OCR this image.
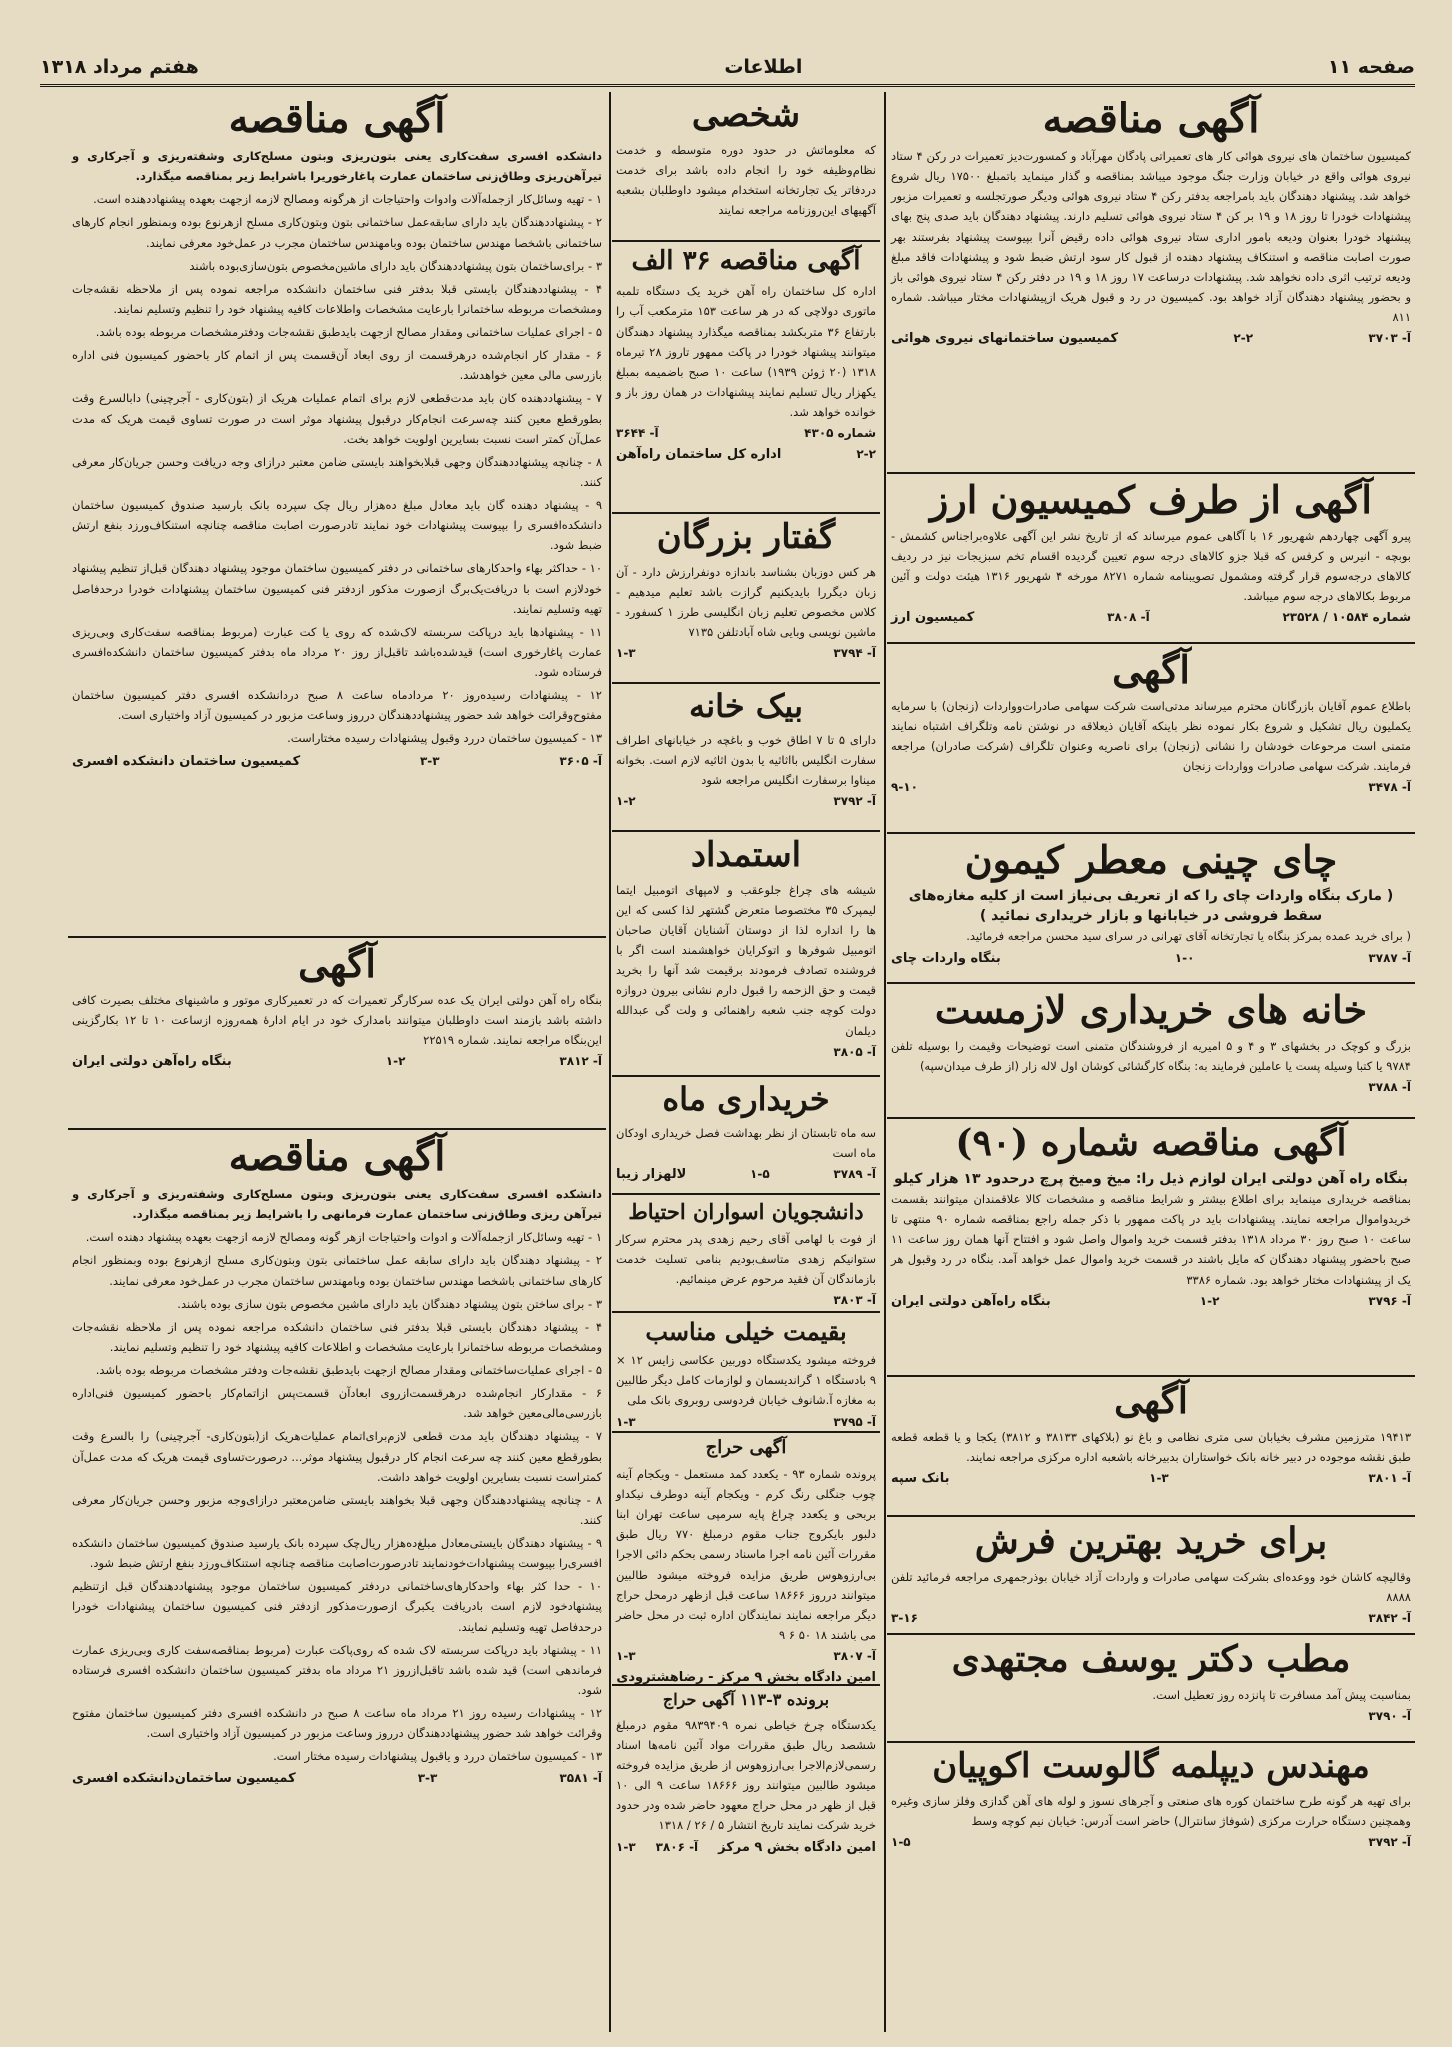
صفحه ۱۱
اطلاعات
هفتم مرداد ۱۳۱۸
آگهی مناقصه
کمیسیون ساختمان های نیروی هوائی کار های تعمیراتی پادگان مهرآباد و کمسورت‌دیز تعمیرات در رکن ۴ ستاد نیروی هوائی واقع در خیابان وزارت جنگ موجود میباشد بمناقصه و گذار مینماید باتمبلغ ۱۷۵۰۰ ریال شروع خواهد شد. پیشنهاد دهندگان باید بامراجعه بدفتر رکن ۴ ستاد نیروی هوائی ودیگر صورتجلسه و تعمیرات مزبور پیشنهادات خودرا تا روز ۱۸ و ۱۹ بر کن ۴ ستاد نیروی هوائی تسلیم دارند. پیشنهاد دهندگان باید صدی پنج بهای پیشنهاد خودرا بعنوان ودیعه بامور اداری ستاد نیروی هوائی داده رقیض آنرا بپیوست پیشنهاد بفرستند بهر صورت اصابت مناقصه و استنکاف پیشنهاد دهنده از قبول کار سود ارتش ضبط شود و پیشنهادات فاقد مبلغ ودیعه ترتیب اثری داده نخواهد شد. پیشنهادات درساعت ۱۷ روز ۱۸ و ۱۹ در دفتر رکن ۴ ستاد نیروی هوائی باز و بحضور پیشنهاد دهندگان آزاد خواهد بود. کمیسیون در رد و قبول هریک ازپیشنهادات مختار میباشد. شماره ۸۱۱
آ- ۳۷۰۳
۲-۲
کمیسیون ساختمانهای نیروی هوائی
آگهی از طرف کمیسیون ارز
پیرو آگهی چهاردهم شهریور ۱۶ با آگاهی عموم میرساند که از تاریخ نشر این آگهی علاوه‌براجناس کشمش - بوبچه - انیرس و کرفس که قبلا جزو کالاهای درجه سوم تعیین گردیده اقسام تخم سبزیجات نیز در ردیف کالاهای درجه‌سوم قرار گرفته ومشمول تصویبنامه شماره ۸۲۷۱ مورخه ۴ شهریور ۱۳۱۶ هیئت دولت و آئین مربوط بکالاهای درجه سوم میباشد.
شماره ۱۰۵۸۴ / ۲۳۵۲۸
آ- ۳۸۰۸
کمیسیون ارز
آگهی
باطلاع عموم آقایان بازرگانان محترم میرساند مدتی‌است شرکت سهامی صادرات‌وواردات (زنجان) با سرمایه یکملیون ریال تشکیل و شروع بکار نموده نظر باینکه آقایان ذیعلاقه در نوشتن نامه وتلگراف اشتباه نمایند متمنی است مرحوعات خودشان را نشانی (زنجان) برای ناصریه وعنوان تلگراف (شرکت صادران) مراجعه فرمایند. شرکت سهامی صادرات وواردات زنجان
آ- ۳۴۷۸
۹-۱۰
چای چینی معطر کیمون
( مارک بنگاه واردات چای را که از تعریف بی‌نیاز است از کلیه مغازه‌های سقط فروشی در خیابانها و بازار خریداری نمائید )
( برای خرید عمده بمرکز بنگاه یا تجارتخانه آقای تهرانی در سرای سید محسن مراجعه فرمائید.
آ- ۳۷۸۷
۱-۰
بنگاه واردات چای
خانه های خریداری لازمست
بزرگ و کوچک در بخشهای ۳ و ۴ و ۵ امیریه از فروشندگان متمنی است توضیحات وقیمت را بوسیله تلفن ۹۷۸۴ یا کتبا وسیله پست یا عاملین فرمایند به: بنگاه کارگشائی کوشان اول لاله زار (از طرف میدان‌سپه)
آ- ۳۷۸۸
آگهی مناقصه شماره (۹۰)
بنگاه راه آهن دولتی ایران لوازم ذیل را: میخ ومیخ پرچ درحدود ۱۳ هزار کیلو
بمناقصه خریداری مینماید برای اطلاع بیشتر و شرایط مناقصه و مشخصات کالا علاقمندان میتوانند بقسمت خریدواموال مراجعه نمایند. پیشنهادات باید در پاکت ممهور با ذکر جمله راجع بمناقصه شماره ۹۰ منتهی تا ساعت ۱۰ صبح روز ۳۰ مرداد ۱۳۱۸ بدفتر قسمت خرید واموال واصل شود و افتتاح آنها همان روز ساعت ۱۱ صبح باحضور پیشنهاد دهندگان که مایل باشند در قسمت خرید واموال عمل خواهد آمد. بنگاه در رد وقبول هر یک از پیشنهادات مختار خواهد بود. شماره ۳۳۸۶
آ- ۳۷۹۶
۱-۲
بنگاه راه‌آهن دولتی ایران
آگهی
۱۹۴۱۳ مترزمین مشرف بخیابان سی متری نظامی و باغ نو (بلاکهای ۳۸۱۳۳ و ۳۸۱۲) یکجا و یا قطعه قطعه طبق نقشه موجوده در دبیر خانه بانک خواستاران بدبیرخانه باشعبه اداره مرکزی مراجعه نمایند.
آ- ۳۸۰۱
۱-۳
بانک سپه
برای خرید بهترین فرش
وقالیچه کاشان خود ووعده‌ای بشرکت سهامی صادرات و واردات آزاد خیابان بوذرجمهری مراجعه فرمائید تلفن ۸۸۸۸
آ- ۳۸۴۲
۳-۱۶
مطب دکتر یوسف مجتهدی
بمناسبت پیش آمد مسافرت تا پانزده روز تعطیل است.
آ- ۳۷۹۰
مهندس دیپلمه گالوست اکوپیان
برای تهیه هر گونه طرح ساختمان کوره های صنعتی و آجرهای نسوز و لوله های آهن گدازی وفلز سازی وغیره وهمچنین دستگاه حرارت مرکزی (شوفاژ سانترال) حاضر است آدرس: خیابان نیم کوچه وسط
آ- ۳۷۹۲
۱-۵
شخصی
که معلوماتش در حدود دوره متوسطه و خدمت نظام‌وظیفه خود را انجام داده باشد برای خدمت دردفاتر یک تجارتخانه استخدام میشود داوطلبان بشعبه آگهیهای این‌روزنامه مراجعه نمایند
آگهی مناقصه ۳۶ الف
اداره کل ساختمان راه آهن خرید یک دستگاه تلمبه ماتوری دولاچی که در هر ساعت ۱۵۳ مترمکعب آب را بارتفاع ۳۶ متربکشد بمناقصه میگذارد پیشنهاد دهندگان میتوانند پیشنهاد خودرا در پاکت ممهور تاروز ۲۸ تیرماه ۱۳۱۸ (۲۰ ژوئن ۱۹۳۹) ساعت ۱۰ صبح باضمیمه بمبلغ یکهزار ریال تسلیم نمایند پیشنهادات در همان روز باز و خوانده خواهد شد.
شماره ۴۳۰۵
آ- ۳۶۴۴
۲-۲
اداره کل ساختمان راه‌آهن
گفتار بزرگان
هر کس دوزبان بشناسد باندازه دونفرارزش دارد - آن زبان دیگررا بایدیکنیم گرازت باشد تعلیم میدهیم - کلاس مخصوص تعلیم زبان انگلیسی طرز ۱ کسفورد - ماشین نویسی وبایی شاه آبادتلفن ۷۱۳۵
آ- ۳۷۹۴
۱-۳
بیک خانه
دارای ۵ تا ۷ اطاق خوب و باغچه در خیابانهای اطراف سفارت انگلیس بااثاثیه یا بدون اثاثیه لازم است. بخوانه میناوا برسفارت انگلیس مراجعه شود
آ- ۳۷۹۲
۱-۲
استمداد
شیشه های چراغ جلوعقب و لامپهای اتومبیل ایتما لیمپرک ۳۵ مختصوصا متعرض گشتهر لذا کسی که این ها را انداره لذا از دوستان آشنایان آقایان صاحبان اتومبیل شوفرها و اتوکرایان خواهشمند است اگر با فروشنده تصادف فرمودند برقیمت شد آنها را بخرید قیمت و حق الزحمه را قبول دارم نشانی بیرون دروازه دولت کوچه جنب شعبه راهنمائی و ولت گی عبدالله دیلمان
آ- ۳۸۰۵
خریداری ماه
سه ماه تابستان از نظر بهداشت فصل خریداری اودکان ماه است
آ- ۳۷۸۹
۱-۵
لالهزار زیبا
دانشجویان اسواران احتیاط
از فوت با لهامی آقای رحیم زهدی پدر محترم سرکار ستوانیکم زهدی متاسف‌بودیم بنامی تسلیت خدمت بازماندگان آن فقید مرحوم عرض مینمائیم.
آ- ۳۸۰۳
بقیمت خیلی مناسب
فروخته میشود یکدستگاه دوربین عکاسی زایس ۱۲ × ۹ بادستگاه ۱ گراندیسمان و لوازمات کامل دیگر طالبین به مغازه آ.شانوف خیابان فردوسی روبروی بانک ملی
آ- ۳۷۹۵
۱-۳
آگهی حراج
پرونده شماره ۹۳ - یکعدد کمد مستعمل - ویکجام آینه چوب جنگلی رنگ کرم - ویکجام آینه دوطرف نیکداو بربحی و یکعدد چراغ پایه سرمپی ساعت تهران ابنا دلبور بایکروج جناب مقوم درمبلغ ۷۷۰ ریال طبق مقررات آئین نامه اجرا ماسناد رسمی بحکم دائی الاجرا بی‌ارزوهوس طریق مزایده فروخته میشود طالبین میتوانند درروز ۱۸۶۶۶ ساعت قبل ازظهر درمحل حراج دیگر مراجعه نمایند نمایندگان اداره ثبت در محل حاضر می باشند ۱۸ ۵۰ ۶ ۹
آ- ۳۸۰۷
۱-۳
امین دادگاه بخش ۹ مرکز - رضاهشترودی
برونده ۳-۱۱۳ آگهی حراج
یکدستگاه چرخ خیاطی نمره ۹۸۳۹۴۰۹ مقوم درمبلغ ششصد ریال طبق مقررات مواد آئین نامه‌ها اسناد رسمی‌لازم‌الاجرا بی‌ارزوهوس از طریق مزایده فروخته میشود طالبین میتوانند روز ۱۸۶۶۶ ساعت ۹ الی ۱۰ قبل از ظهر در محل حراج معهود حاضر شده ودر حدود خرید شرکت نمایند تاریخ انتشار ۵ / ۲۶ / ۱۳۱۸
امین دادگاه بخش ۹ مرکز
آ- ۳۸۰۶
۱-۳
آگهی مناقصه
دانشکده افسری سفت‌کاری یعنی بتون‌ریزی وبتون مسلح‌کاری وشفته‌ریزی و آجرکاری و تیرآهن‌ریزی وطاق‌زنی ساختمان عمارت پاغارخوریرا باشرایط زیر بمناقصه میگذارد.
۱ - تهیه وسائل‌کار ازجمله‌آلات وادوات واحتیاجات از هرگونه ومصالح لازمه ازجهت بعهده پیشنهاددهنده است.
۲ - پیشنهاددهندگان باید دارای سابقه‌عمل ساختمانی بتون وبتون‌کاری مسلح ازهرنوع بوده وبمنظور انجام کارهای ساختمانی باشخصا مهندس ساختمان بوده وبامهندس ساختمان مجرب در عمل‌خود معرفی نمایند.
۳ - برای‌ساختمان بتون پیشنهاددهندگان باید دارای ماشین‌مخصوص بتون‌سازی‌بوده باشند
۴ - پیشنهاددهندگان بایستی قبلا بدفتر فنی ساختمان دانشکده مراجعه نموده پس از ملاحظه نقشه‌جات ومشخصات مربوطه ساختمانرا بارعایت مشخصات واطلاعات کافیه پیشنهاد خود را تنظیم وتسلیم نمایند.
۵ - اجرای عملیات ساختمانی ومقدار مصالح ازجهت بایدطبق نقشه‌جات ودفترمشخصات مربوطه بوده باشد.
۶ - مقدار کار انجام‌شده درهرقسمت از روی ابعاد آن‌قسمت پس از اتمام کار باحضور کمیسیون فنی اداره بازرسی مالی معین خواهدشد.
۷ - پیشنهاددهنده کان باید مدت‌قطعی لازم برای اتمام عملیات هریک از (بتون‌کاری - آجرچینی) دابالسرع وقت بطورقطع معین کنند چه‌سرعت انجام‌کار درقبول پیشنهاد موثر است در صورت تساوی قیمت هریک که مدت عمل‌آن کمتر است نسبت بسایرین اولویت خواهد بخت.
۸ - چنانچه پیشنهاددهندگان وجهی قبلابخواهند بایستی ضامن معتبر درازای وجه دریافت وحسن جریان‌کار معرفی کنند.
۹ - پیشنهاد دهنده گان باید معادل مبلغ ده‌هزار ریال چک سپرده بانک بارسید صندوق کمیسیون ساختمان دانشکده‌افسری را بپیوست پیشنهادات خود نمایند تادرصورت اصابت مناقصه چنانچه استنکاف‌ورزد بنفع ارتش ضبط شود.
۱۰ - حداکثر بهاء واحدکارهای ساختمانی در دفتر کمیسیون ساختمان موجود پیشنهاد دهندگان قبل‌از تنظیم پیشنهاد خودلازم است با دریافت‌یک‌برگ ازصورت مذکور ازدفتر فنی کمیسیون ساختمان پیشنهادات خودرا درحدفاصل تهیه وتسلیم نمایند.
۱۱ - پیشنهادها باید درپاکت سربسته لاک‌شده که روی یا کت عبارت (مربوط بمناقصه سفت‌کاری وبی‌ریزی عمارت پاغارخوری است) قیدشده‌باشد تاقبل‌از روز ۲۰ مرداد ماه بدفتر کمیسیون ساختمان دانشکده‌افسری فرستاده شود.
۱۲ - پیشنهادات رسیده‌روز ۲۰ مردادماه ساعت ۸ صبح دردانشکده افسری دفتر کمیسیون ساختمان مفتوح‌وقرائت خواهد شد حضور پیشنهاددهندگان درروز وساعت مزبور در کمیسیون آزاد واختیاری است.
۱۳ - کمیسیون ساختمان دررد وقبول پیشنهادات رسیده مختاراست.
آ- ۳۶۰۵
۳-۳
کمیسیون ساختمان دانشکده افسری
آگهی
بنگاه راه آهن دولتی ایران یک عده سرکارگر تعمیرات که در تعمیرکاری موتور و ماشینهای مختلف بصیرت کافی داشته باشد بازمند است داوطلبان میتوانند بامدارک خود در ایام ادارۀ همه‌روزه ازساعت ۱۰ تا ۱۲ بکارگزینی این‌بنگاه مراجعه نمایند. شماره ۲۲۵۱۹
آ- ۳۸۱۲
۱-۲
بنگاه راه‌آهن دولتی ایران
آگهی مناقصه
دانشکده افسری سفت‌کاری یعنی بتون‌ریزی وبتون مسلح‌کاری وشفته‌ریزی و آجرکاری و تیرآهن ریزی وطاق‌زنی ساختمان عمارت فرمانهی را باشرایط زیر بمناقصه میگذارد.
۱ - تهیه وسائل‌کار ازجمله‌آلات و ادوات واحتیاجات ازهر گونه ومصالح لازمه ازجهت بعهده پیشنهاد دهنده است.
۲ - پیشنهاد دهندگان باید دارای سابقه عمل ساختمانی بتون وبتون‌کاری مسلح ازهرنوع بوده وبمنظور انجام کارهای ساختمانی باشخصا مهندس ساختمان بوده وبامهندس ساختمان مجرب در عمل‌خود معرفی نمایند.
۳ - برای ساختن بتون پیشنهاد دهندگان باید دارای ماشین مخصوص بتون سازی بوده باشند.
۴ - پیشنهاد دهندگان بایستی قبلا بدفتر فنی ساختمان دانشکده مراجعه نموده پس از ملاحظه نقشه‌جات ومشخصات مربوطه ساختمانرا بارعایت مشخصات و اطلاعات کافیه پیشنهاد خود را تنظیم وتسلیم نمایند.
۵ - اجرای عملیات‌ساختمانی ومقدار مصالح ازجهت بایدطبق نقشه‌جات ودفتر مشخصات مربوطه بوده باشد.
۶ - مقدارکار انجام‌شده درهرقسمت‌ازروی ابعادآن قسمت‌پس ازاتمام‌کار باحضور کمیسیون فنی‌اداره بازرسی‌مالی‌معین خواهد شد.
۷ - پیشنهاد دهندگان باید مدت قطعی لازم‌برای‌اتمام عملیات‌هریک از(بتون‌کاری- آجرچینی) را بالسرع وقت بطورقطع معین کنند چه سرعت انجام کار درقبول پیشنهاد موثر... درصورت‌تساوی قیمت هریک که مدت عمل‌آن کمتراست نسبت بسایرین اولویت خواهد داشت.
۸ - چنانچه پیشنهاددهندگان وجهی قبلا بخواهند بایستی ضامن‌معتبر درازای‌وجه مزبور وحسن جریان‌کار معرفی کنند.
۹ - پیشنهاد دهندگان بایستی‌معادل مبلغ‌ده‌هزار ریال‌چک سپرده بانک یارسید صندوق کمیسیون ساختمان دانشکده افسری‌را بپیوست پیشنهادات‌خودنمایند تادرصورت‌اصابت مناقصه چنانچه استنکاف‌ورزد بنفع ارتش ضبط شود.
۱۰ - حدا کثر بهاء واحدکارهای‌ساختمانی دردفتر کمیسیون ساختمان موجود پیشنهاددهندگان قبل ازتنظیم پیشنهادخود لازم است بادریافت یکبرگ ازصورت‌مذکور ازدفتر فنی کمیسیون ساختمان پیشنهادات خودرا درحدفاصل تهیه وتسلیم نمایند.
۱۱ - پیشنهاد باید درپاکت سربسته لاک شده که روی‌پاکت عبارت (مربوط بمناقصه‌سفت کاری وبی‌ریزی عمارت فرماندهی است) قید شده باشد تاقبل‌ازروز ۲۱ مرداد ماه بدفتر کمیسیون ساختمان دانشکده افسری فرستاده شود.
۱۲ - پیشنهادات رسیده روز ۲۱ مرداد ماه ساعت ۸ صبح در دانشکده افسری دفتر کمیسیون ساختمان مفتوح وقرائت خواهد شد حضور پیشنهاددهندگان درروز وساعت مزبور در کمیسیون آزاد واختیاری است.
۱۳ - کمیسیون ساختمان دررد و یاقبول پیشنهادات رسیده مختار است.
آ- ۳۵۸۱
۳-۳
کمیسیون ساختمان‌دانشکده افسری
